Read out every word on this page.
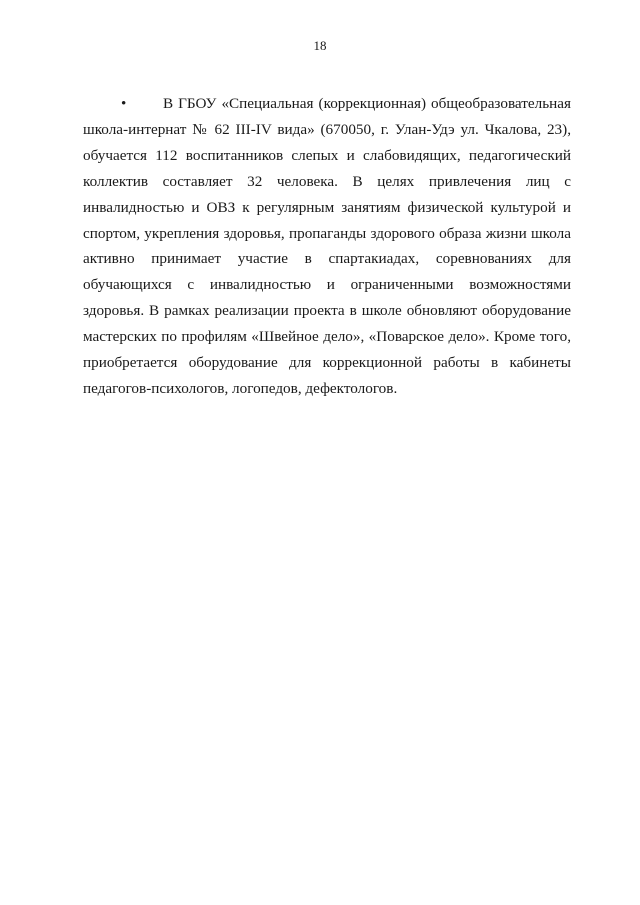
18
•	В ГБОУ «Специальная (коррекционная) общеобразовательная школа-интернат № 62 III-IV вида» (670050, г. Улан-Удэ ул. Чкалова, 23), обучается 112 воспитанников слепых и слабовидящих, педагогический коллектив составляет 32 человека. В целях привлечения лиц с инвалидностью и ОВЗ к регулярным занятиям физической культурой и спортом, укрепления здоровья, пропаганды здорового образа жизни школа активно принимает участие в спартакиадах, соревнованиях для обучающихся с инвалидностью и ограниченными возможностями здоровья. В рамках реализации проекта в школе обновляют оборудование мастерских по профилям «Швейное дело», «Поварское дело». Кроме того, приобретается оборудование для коррекционной работы в кабинеты педагогов-психологов, логопедов, дефектологов.
